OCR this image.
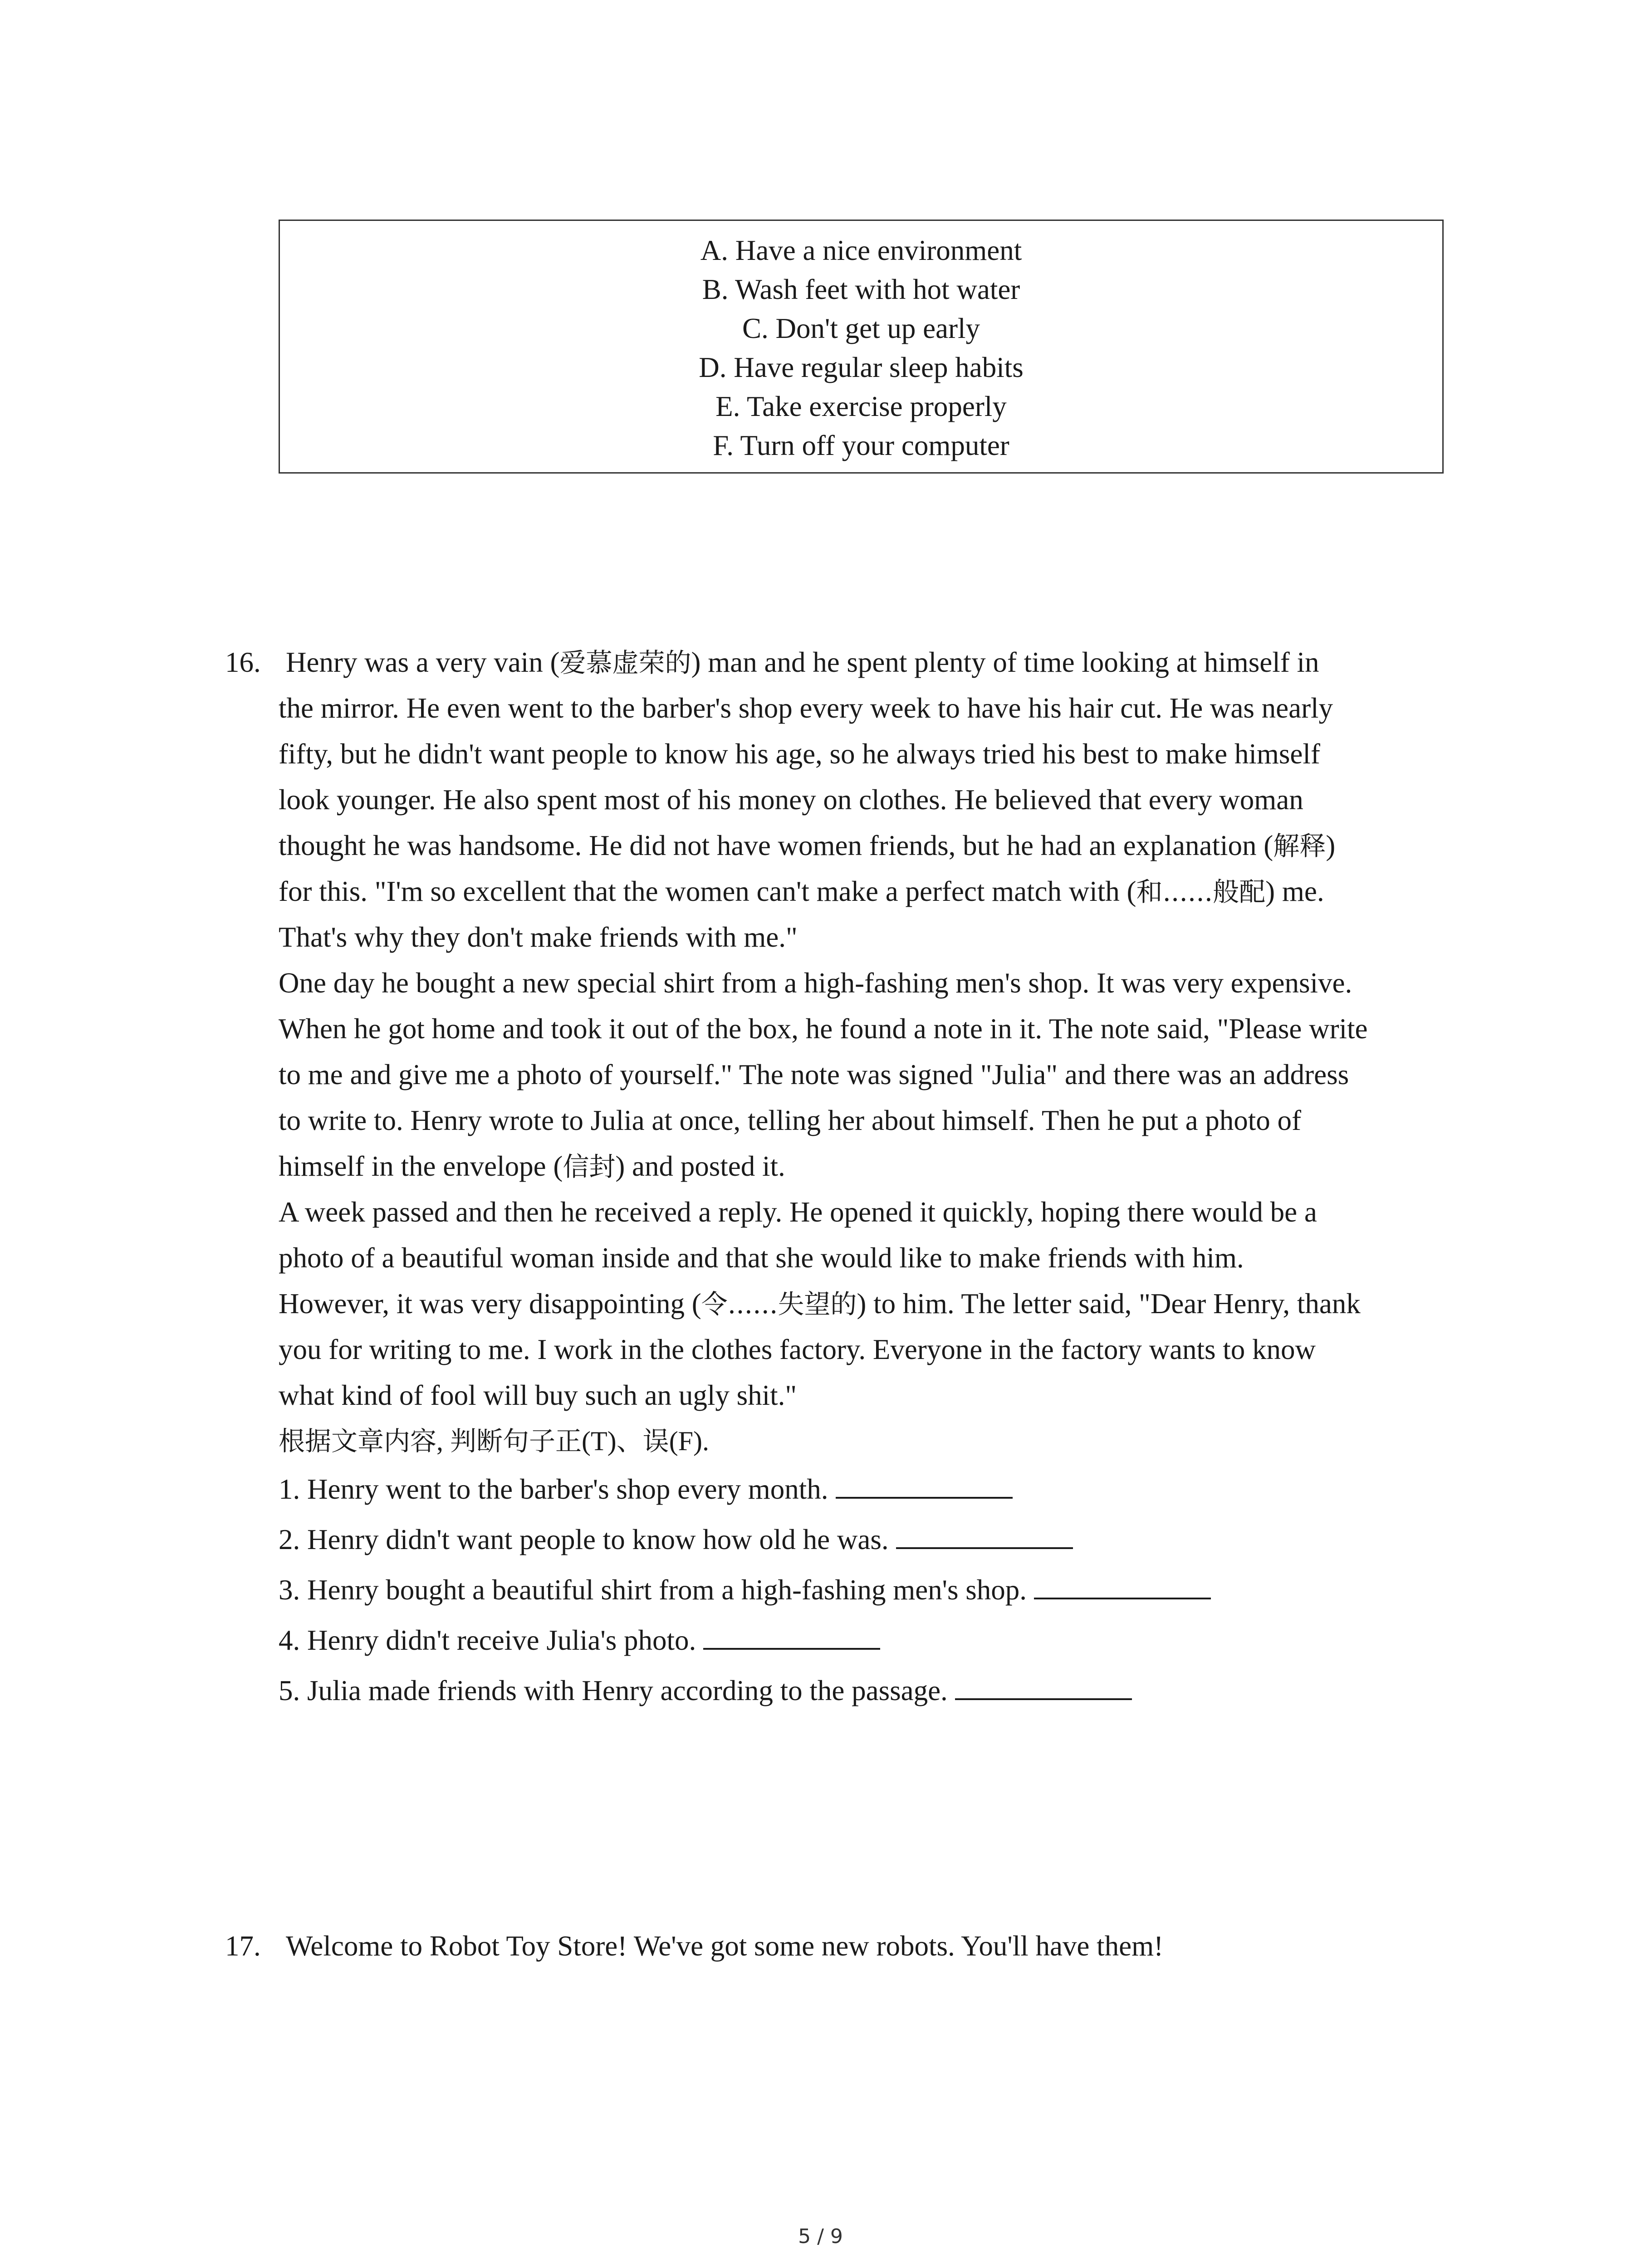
A. Have a nice environment
B. Wash feet with hot water
C. Don't get up early
D. Have regular sleep habits
E. Take exercise properly
F. Turn off your computer
16. Henry was a very vain (爱慕虚荣的) man and he spent plenty of time looking at himself in
the mirror. He even went to the barber's shop every week to have his hair cut. He was nearly
fifty, but he didn't want people to know his age, so he always tried his best to make himself
look younger. He also spent most of his money on clothes. He believed that every woman
thought he was handsome. He did not have women friends, but he had an explanation (解释)
for this. "I'm so excellent that the women can't make a perfect match with (和......般配) me.
That's why they don't make friends with me."
One day he bought a new special shirt from a high-fashing men's shop. It was very expensive.
When he got home and took it out of the box, he found a note in it. The note said, "Please write
to me and give me a photo of yourself." The note was signed "Julia" and there was an address
to write to. Henry wrote to Julia at once, telling her about himself. Then he put a photo of
himself in the envelope (信封) and posted it.
A week passed and then he received a reply. He opened it quickly, hoping there would be a
photo of a beautiful woman inside and that she would like to make friends with him.
However, it was very disappointing (令......失望的) to him. The letter said, "Dear Henry, thank
you for writing to me. I work in the clothes factory. Everyone in the factory wants to know
what kind of fool will buy such an ugly shit."
根据文章内容, 判断句子正(T)、误(F).
1. Henry went to the barber's shop every month.
2. Henry didn't want people to know how old he was.
3. Henry bought a beautiful shirt from a high-fashing men's shop.
4. Henry didn't receive Julia's photo.
5. Julia made friends with Henry according to the passage.
17. Welcome to Robot Toy Store! We've got some new robots. You'll have them!
5 / 9
